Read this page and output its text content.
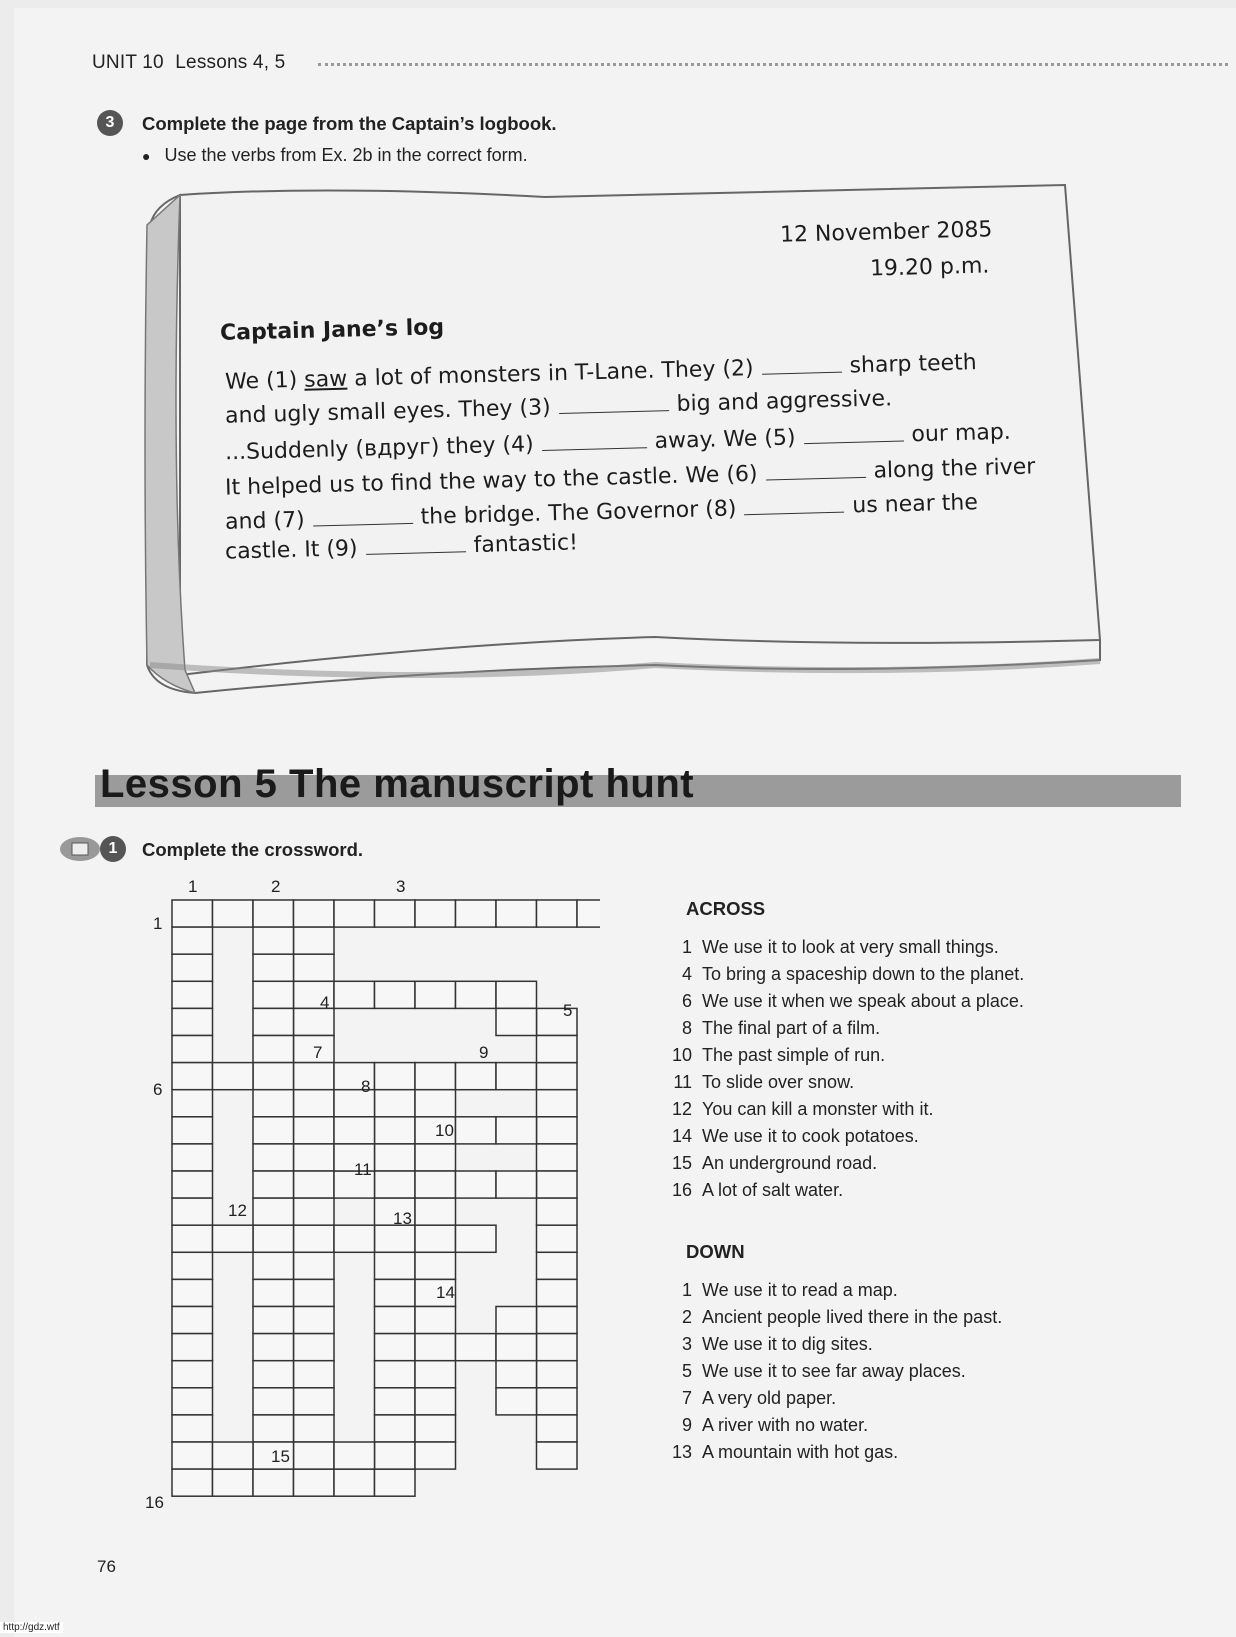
UNIT 10 Lessons 4, 5
3	Complete the page from the Captain’s logbook.
● Use the verbs from Ex. 2b in the correct form.
12 November 2085
19.20 p.m.
Captain Jane’s log
We (1) saw a lot of monsters in T-Lane. They (2)	sharp teeth
and ugly small eyes. They (3)	big and aggressive.
...Suddenly (вдруг) they (4)	away. We (5)	our map.
It helped us to find the way to the castle. We (6)	along the river
and (7)	the bridge. The Governor (8)	us near the
castle. It (9)	fantastic!
Lesson 5 The manuscript hunt
1	Complete the crossword.
1	2	3
1
4	5
7	9
6	8
10
11
12	13
14
15
16
ACROSS
1 We use it to look at very small things.
4 To bring a spaceship down to the planet.
6 We use it when we speak about a place.
8 The final part of a film.
10 The past simple of run.
11 To slide over snow.
12 You can kill a monster with it.
14 We use it to cook potatoes.
15 An underground road.
16 A lot of salt water.
DOWN
1 We use it to read a map.
2 Ancient people lived there in the past.
3 We use it to dig sites.
5 We use it to see far away places.
7 A very old paper.
9 A river with no water.
13 A mountain with hot gas.
76
http://gdz.wtf
